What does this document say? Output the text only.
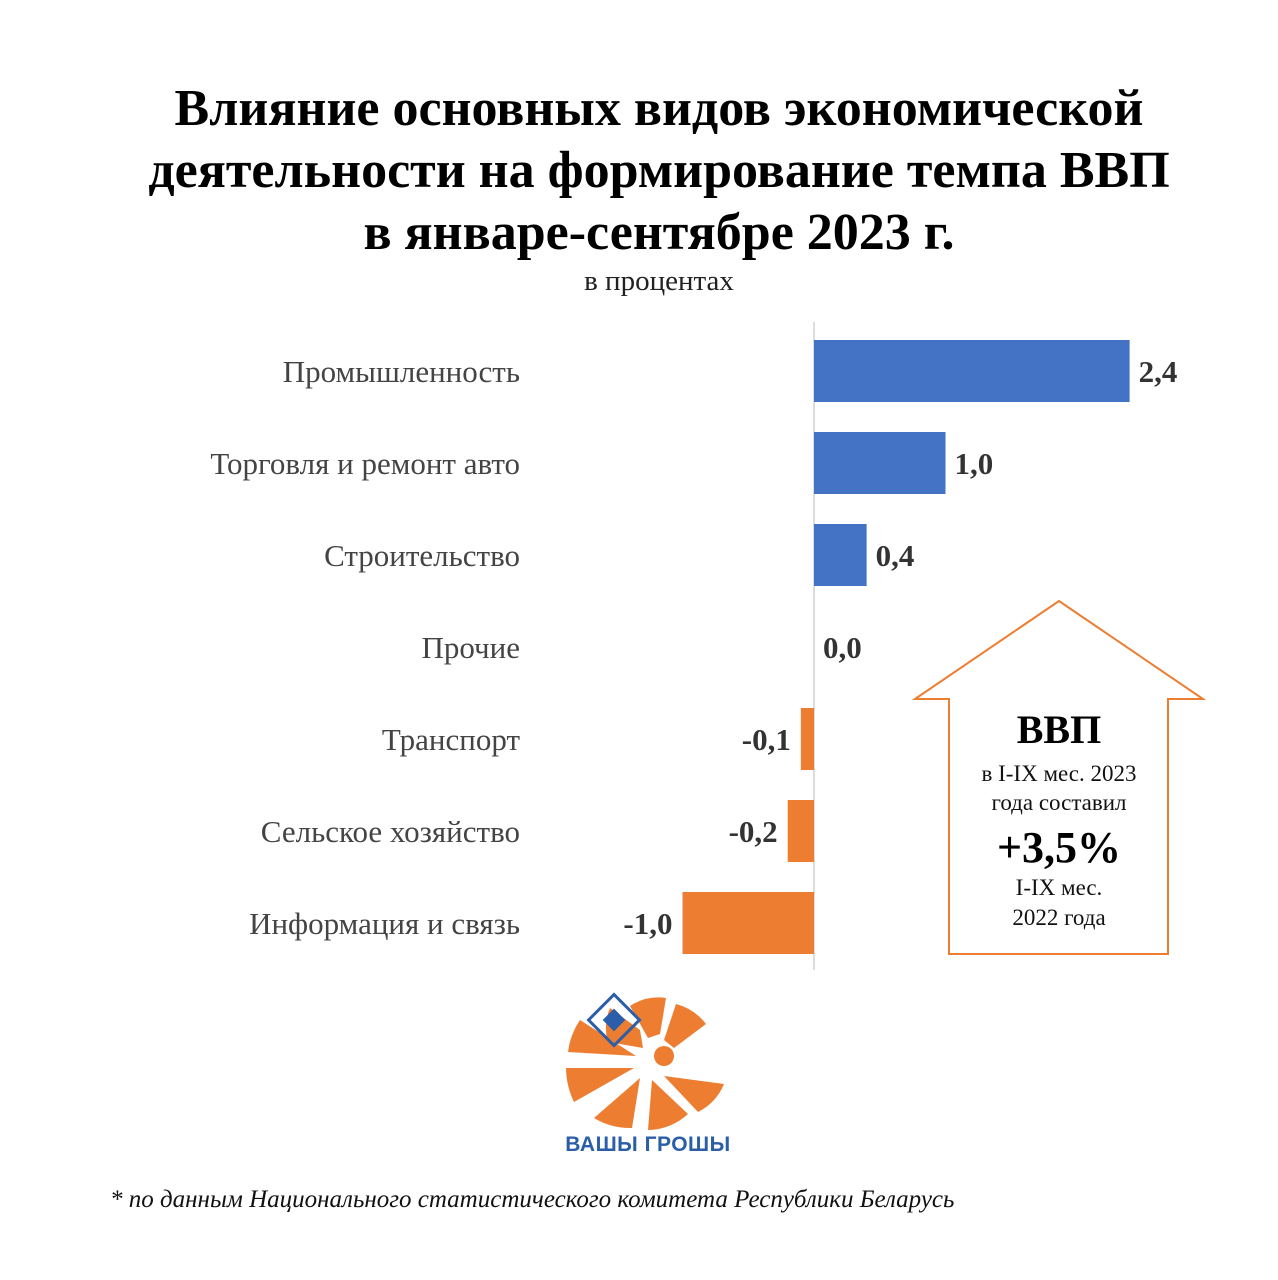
Влияние основных видов экономической
деятельности на формирование темпа ВВП
в январе-сентябре 2023 г.
в процентах
Промышленность	2,4
Торговля и ремонт авто	1,0
Строительство	0,4
Прочие	0,0
Транспорт	-0,1
Сельское хозяйство	-0,2
Информация и связь	-1,0
ВВП
в I-IX мес. 2023
года составил
+3,5%
I-IX мес.
2022 года
ВАШЫ ГРОШЫ
* по данным Национального статистического комитета Республики Беларусь
